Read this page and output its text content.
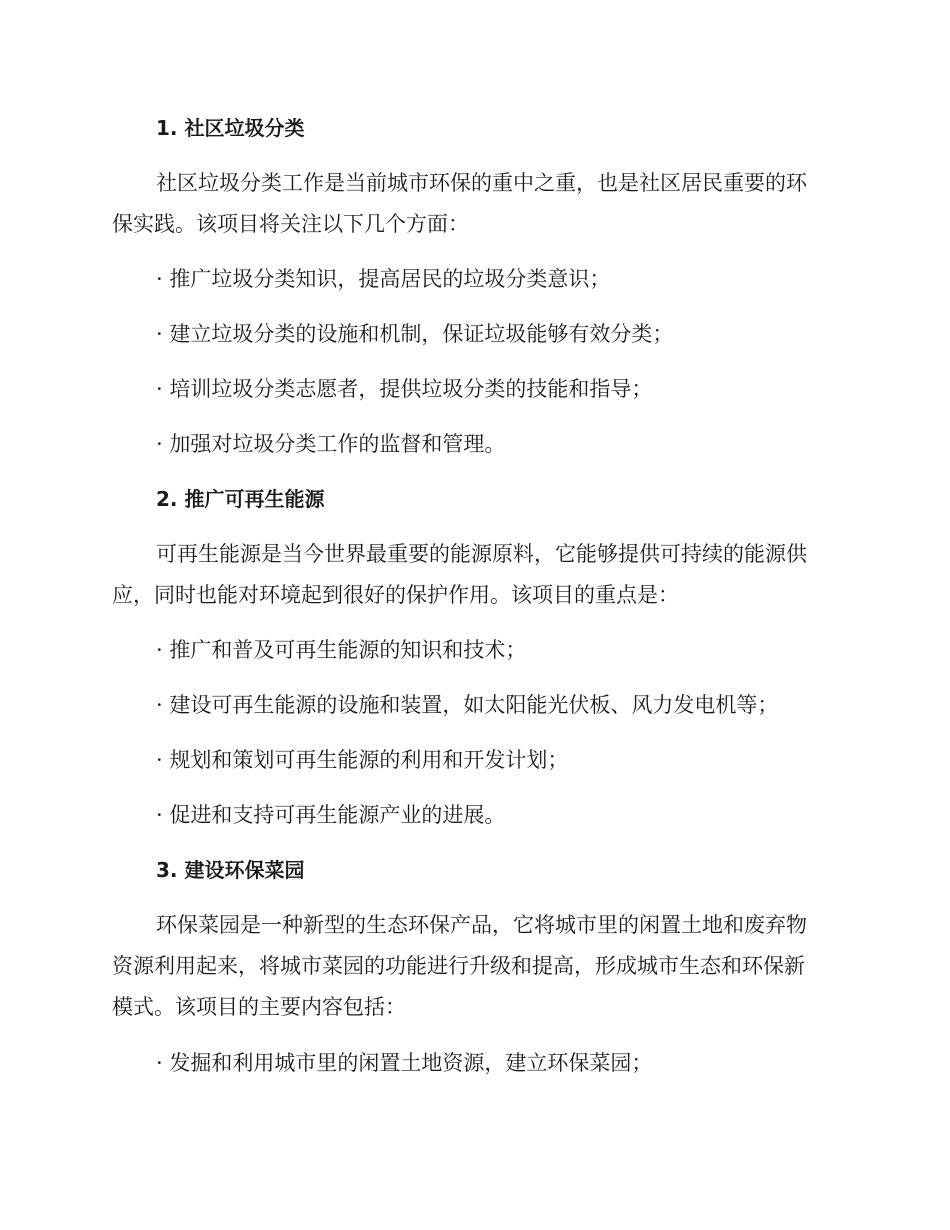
1. 社区垃圾分类
社区垃圾分类工作是当前城市环保的重中之重，也是社区居民重要的环
保实践。该项目将关注以下几个方面：
· 推广垃圾分类知识，提高居民的垃圾分类意识；
· 建立垃圾分类的设施和机制，保证垃圾能够有效分类；
· 培训垃圾分类志愿者，提供垃圾分类的技能和指导；
· 加强对垃圾分类工作的监督和管理。
2. 推广可再生能源
可再生能源是当今世界最重要的能源原料，它能够提供可持续的能源供
应，同时也能对环境起到很好的保护作用。该项目的重点是：
· 推广和普及可再生能源的知识和技术；
· 建设可再生能源的设施和装置，如太阳能光伏板、风力发电机等；
· 规划和策划可再生能源的利用和开发计划；
· 促进和支持可再生能源产业的进展。
3. 建设环保菜园
环保菜园是一种新型的生态环保产品，它将城市里的闲置土地和废弃物
资源利用起来，将城市菜园的功能进行升级和提高，形成城市生态和环保新
模式。该项目的主要内容包括：
· 发掘和利用城市里的闲置土地资源，建立环保菜园；
